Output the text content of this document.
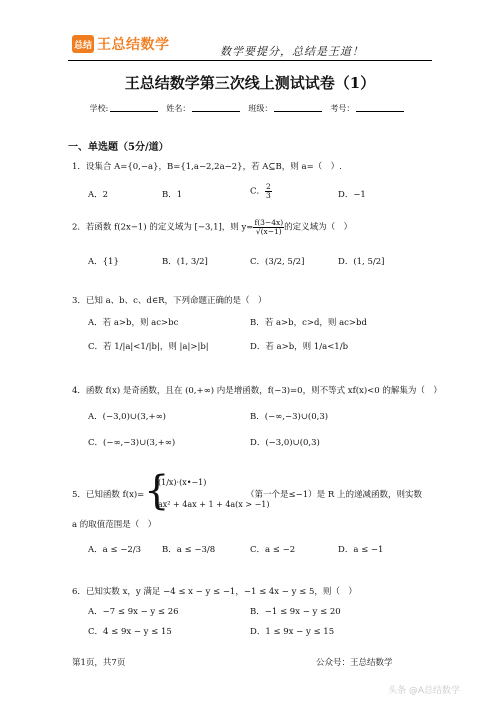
总结 王总结数学	数学要提分，总结是王道！
王总结数学第三次线上测试试卷（1）
学校:	姓名：	班级：	考号：
一、单选题（5分/道）
1．设集合 A={0,−a}，B={1,a−2,2a−2}，若 A⊆B，则 a=（　）.
A．2	B．1	C． $\frac{2}{3}$	D．−1
2．若函数 f(2x−1) 的定义域为 [−3,1]，则 $y= \frac{f(3-4x)}{√(x-1)}$ 的定义域为（　）
A．{1}	B．(1, 3/2]	C．(3/2, 5/2]	D．(1, 5/2]
3．已知 a、b、c、d∈R，下列命题正确的是（　）
A．若 a>b，则 ac>bc	B．若 a>b，c>d，则 ac>bd
C．若 1/|a|<1/|b|，则 |a|>|b|	D．若 a>b，则 1/a<1/b
4．函数 f(x) 是奇函数，且在 (0,+∞) 内是增函数，f(−3)=0，则不等式 xf(x)<0 的解集为（　）
A．(−3,0)∪(3,+∞)	B．(−∞,−3)∪(0,3)
C．(−∞,−3)∪(3,+∞)	D．(−3,0)∪(0,3)
5．已知函数 f(x)= {
(1/x)·(x•−1)
ax² + 4ax + 1 + 4a(x > −1)
（第一个是≤−1）是 R 上的递减函数，则实数
a 的取值范围是（　）
A．a ≤ −2/3 B．a ≤ −3/8	C．a ≤ −2	D．a ≤ −1
6．已知实数 x，y 满足 −4 ≤ x − y ≤ −1，−1 ≤ 4x − y ≤ 5，则（　）
A．−7 ≤ 9x − y ≤ 26	B．−1 ≤ 9x − y ≤ 20
C．4 ≤ 9x − y ≤ 15	D．1 ≤ 9x − y ≤ 15
第1页，共7页	公众号：王总结数学
头条 @A总结数学
